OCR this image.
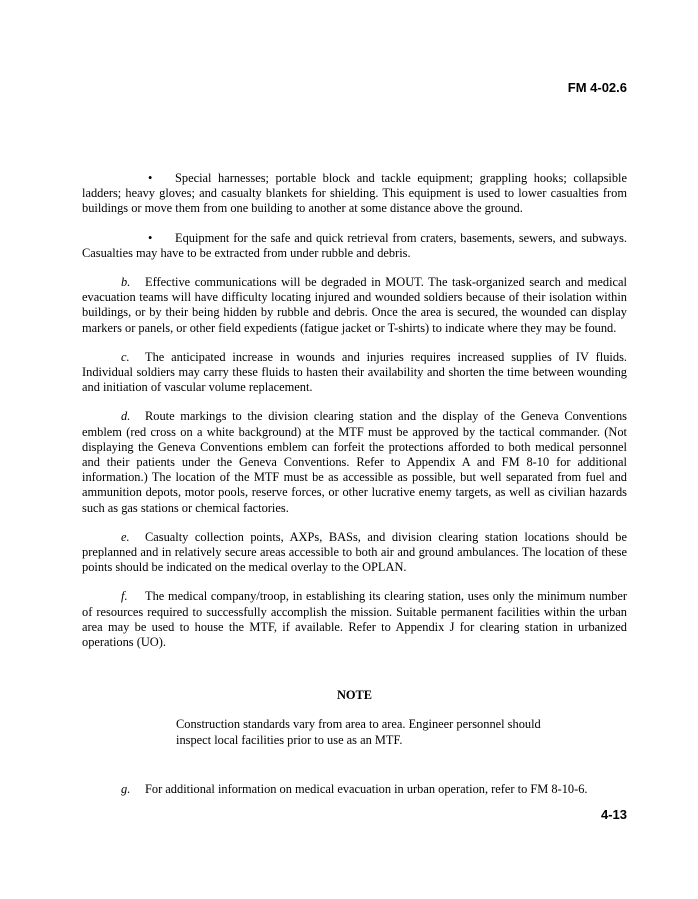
FM 4-02.6

• Special harnesses; portable block and tackle equipment; grappling hooks; collapsible ladders; heavy gloves; and casualty blankets for shielding. This equipment is used to lower casualties from buildings or move them from one building to another at some distance above the ground.

• Equipment for the safe and quick retrieval from craters, basements, sewers, and subways. Casualties may have to be extracted from under rubble and debris.

b. Effective communications will be degraded in MOUT. The task-organized search and medical evacuation teams will have difficulty locating injured and wounded soldiers because of their isolation within buildings, or by their being hidden by rubble and debris. Once the area is secured, the wounded can display markers or panels, or other field expedients (fatigue jacket or T-shirts) to indicate where they may be found.

c. The anticipated increase in wounds and injuries requires increased supplies of IV fluids. Individual soldiers may carry these fluids to hasten their availability and shorten the time between wounding and initiation of vascular volume replacement.

d. Route markings to the division clearing station and the display of the Geneva Conventions emblem (red cross on a white background) at the MTF must be approved by the tactical commander. (Not displaying the Geneva Conventions emblem can forfeit the protections afforded to both medical personnel and their patients under the Geneva Conventions. Refer to Appendix A and FM 8-10 for additional information.) The location of the MTF must be as accessible as possible, but well separated from fuel and ammunition depots, motor pools, reserve forces, or other lucrative enemy targets, as well as civilian hazards such as gas stations or chemical factories.

e. Casualty collection points, AXPs, BASs, and division clearing station locations should be preplanned and in relatively secure areas accessible to both air and ground ambulances. The location of these points should be indicated on the medical overlay to the OPLAN.

f. The medical company/troop, in establishing its clearing station, uses only the minimum number of resources required to successfully accomplish the mission. Suitable permanent facilities within the urban area may be used to house the MTF, if available. Refer to Appendix J for clearing station in urbanized operations (UO).

NOTE
Construction standards vary from area to area. Engineer personnel should inspect local facilities prior to use as an MTF.

g. For additional information on medical evacuation in urban operation, refer to FM 8-10-6.

4-13
